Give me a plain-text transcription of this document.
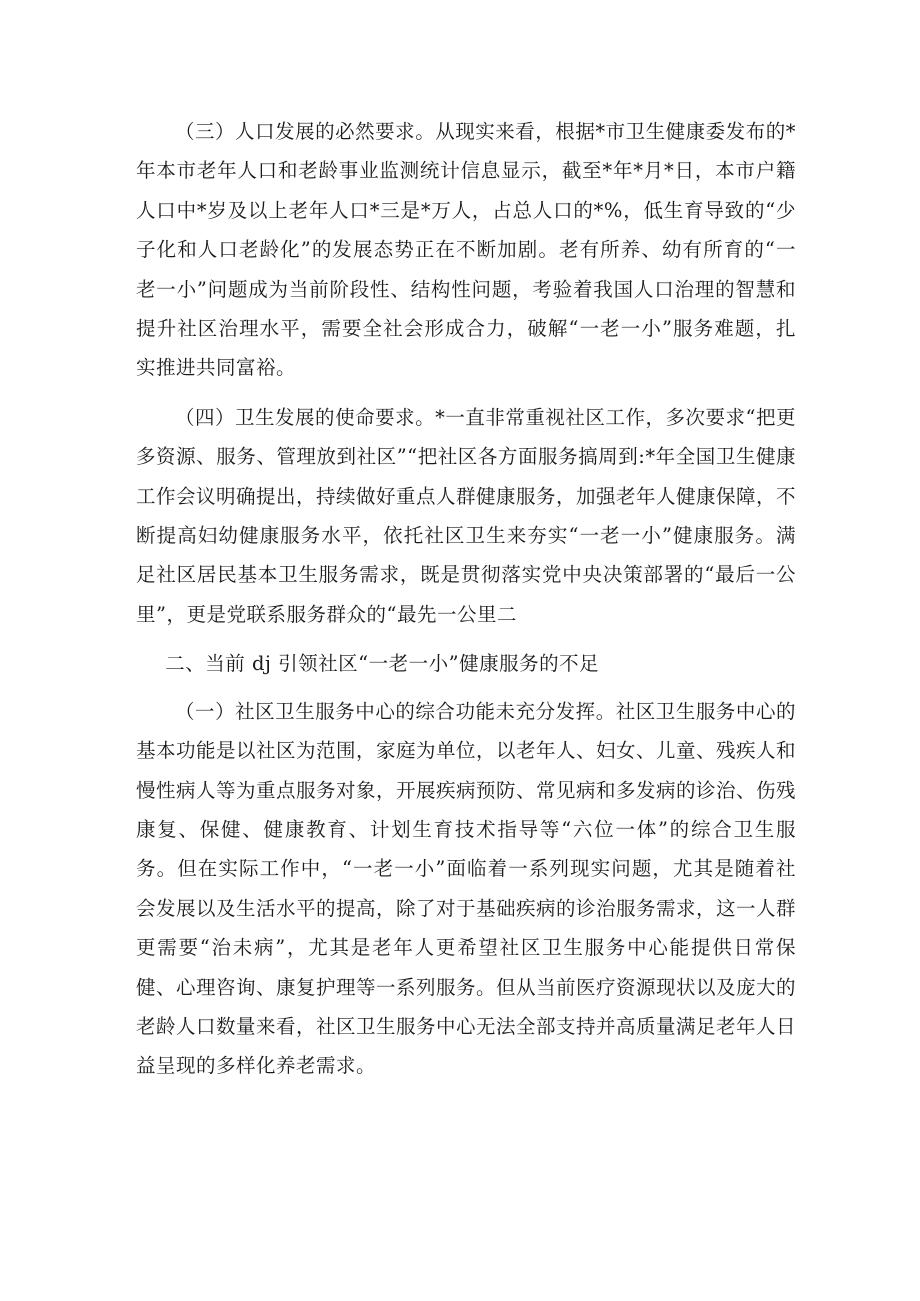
（三）人口发展的必然要求。从现实来看，根据*市卫生健康委发布的*年本市老年人口和老龄事业监测统计信息显示，截至*年*月*日，本市户籍人口中*岁及以上老年人口*三是*万人，占总人口的*%，低生育导致的“少子化和人口老龄化”的发展态势正在不断加剧。老有所养、幼有所育的“一老一小”问题成为当前阶段性、结构性问题，考验着我国人口治理的智慧和提升社区治理水平，需要全社会形成合力，破解“一老一小”服务难题，扎实推进共同富裕。

（四）卫生发展的使命要求。*一直非常重视社区工作，多次要求“把更多资源、服务、管理放到社区”“把社区各方面服务搞周到:*年全国卫生健康工作会议明确提出，持续做好重点人群健康服务，加强老年人健康保障，不断提高妇幼健康服务水平，依托社区卫生来夯实“一老一小”健康服务。满足社区居民基本卫生服务需求，既是贯彻落实党中央决策部署的“最后一公里”，更是党联系服务群众的“最先一公里二

二、当前 dj 引领社区“一老一小”健康服务的不足

（一）社区卫生服务中心的综合功能未充分发挥。社区卫生服务中心的基本功能是以社区为范围，家庭为单位，以老年人、妇女、儿童、残疾人和慢性病人等为重点服务对象，开展疾病预防、常见病和多发病的诊治、伤残康复、保健、健康教育、计划生育技术指导等“六位一体”的综合卫生服务。但在实际工作中，“一老一小”面临着一系列现实问题，尤其是随着社会发展以及生活水平的提高，除了对于基础疾病的诊治服务需求，这一人群更需要“治未病”，尤其是老年人更希望社区卫生服务中心能提供日常保健、心理咨询、康复护理等一系列服务。但从当前医疗资源现状以及庞大的老龄人口数量来看，社区卫生服务中心无法全部支持并高质量满足老年人日益呈现的多样化养老需求。
